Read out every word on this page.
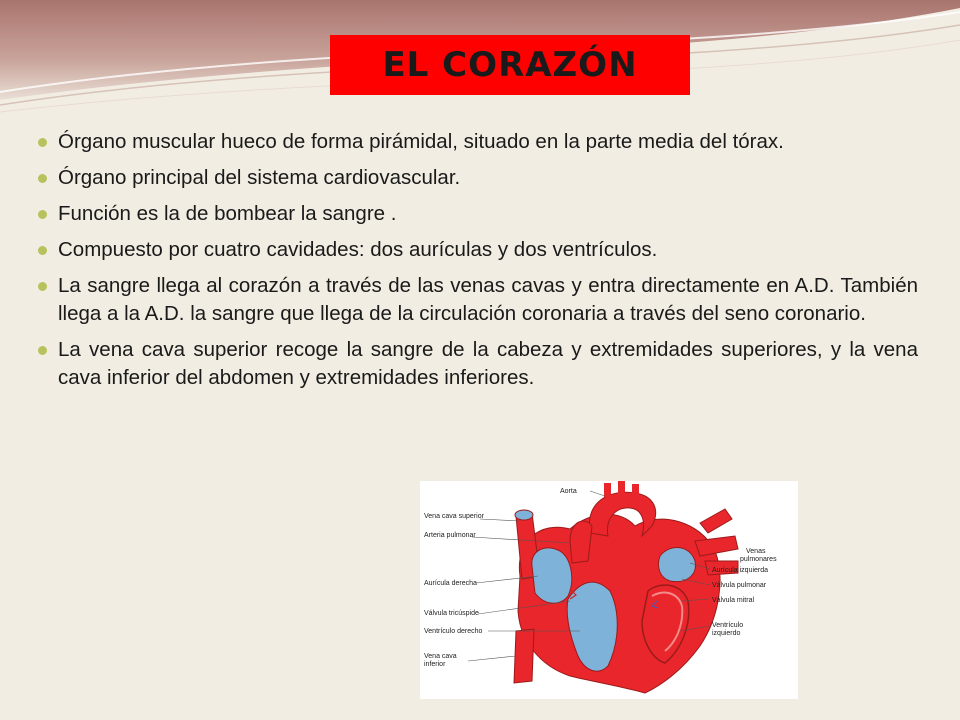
EL CORAZÓN
Órgano muscular hueco de forma pirámidal, situado en la parte media del tórax.
Órgano principal del sistema cardiovascular.
Función es la de bombear la sangre .
Compuesto por cuatro cavidades: dos aurículas y dos ventrículos.
La sangre llega al corazón a través de las venas cavas y entra directamente en A.D. También llega a la A.D. la sangre que llega de la circulación coronaria a través del seno coronario.
La vena cava superior recoge la sangre de la cabeza y extremidades superiores, y la vena cava inferior del abdomen y extremidades inferiores.
Aorta
Vena cava superior
Arteria pulmonar
Aurícula derecha
Válvula tricúspide
Ventrículo derecho
Vena cava
inferior
Venas
pulmonares
Aurícula izquierda
Válvula pulmonar
Válvula mitral
Ventrículo
izquierdo
